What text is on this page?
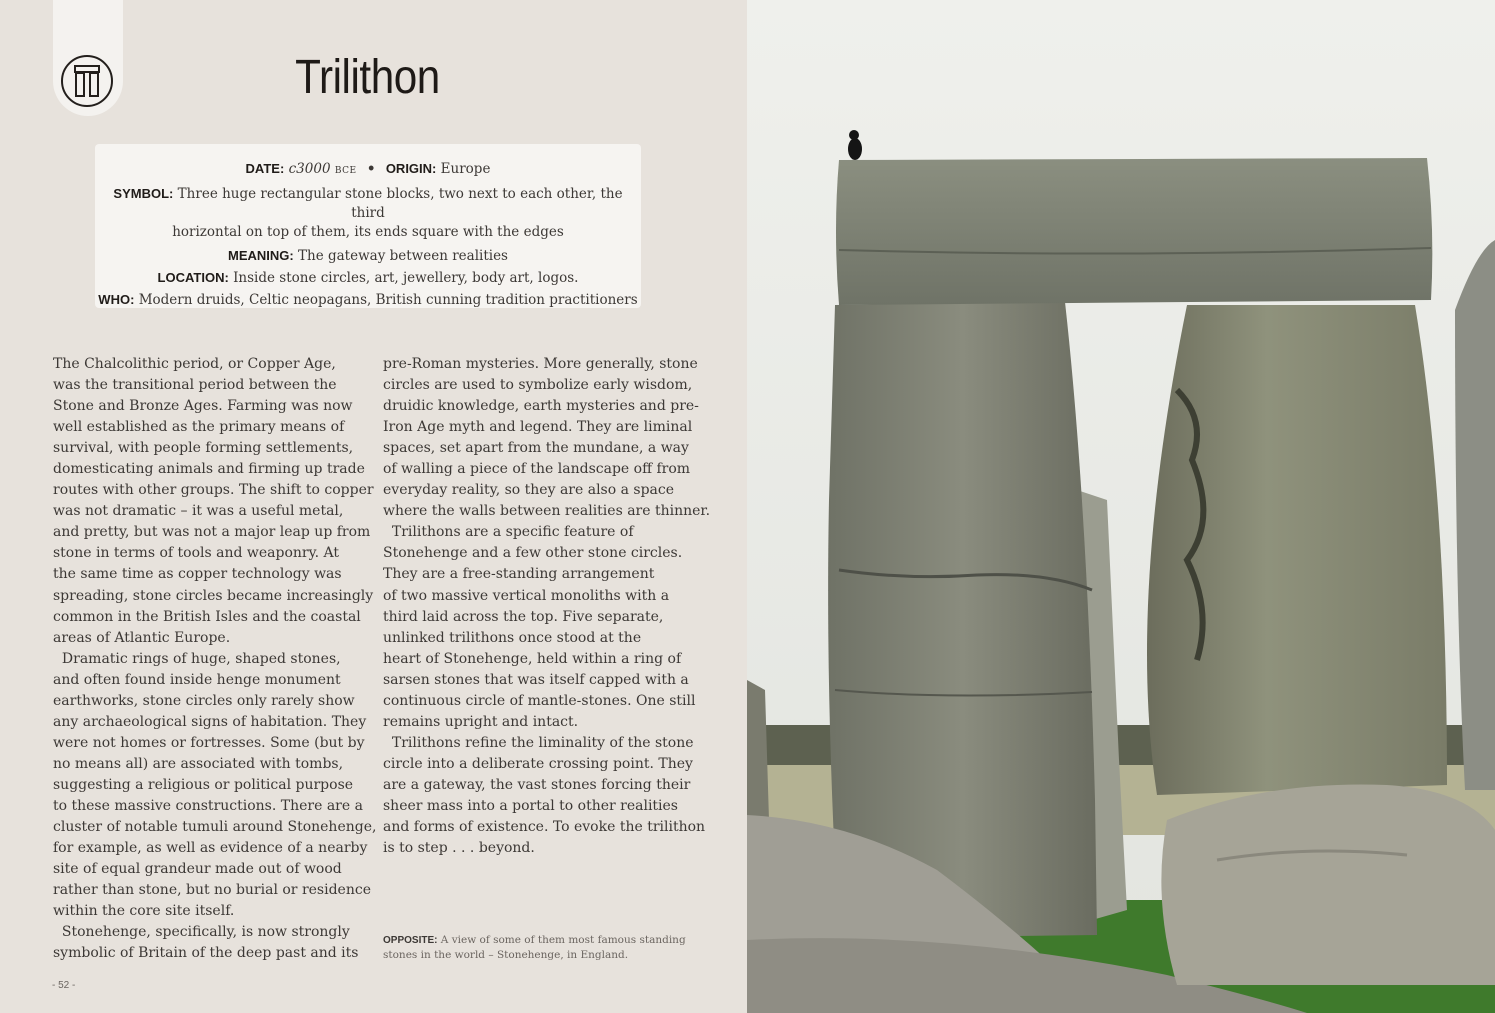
Trilithon
DATE: c3000 BCE • ORIGIN: Europe
SYMBOL: Three huge rectangular stone blocks, two next to each other, the third
horizontal on top of them, its ends square with the edges
MEANING: The gateway between realities
LOCATION: Inside stone circles, art, jewellery, body art, logos.
WHO: Modern druids, Celtic neopagans, British cunning tradition practitioners
The Chalcolithic period, or Copper Age,
was the transitional period between the
Stone and Bronze Ages. Farming was now
well established as the primary means of
survival, with people forming settlements,
domesticating animals and firming up trade
routes with other groups. The shift to copper
was not dramatic – it was a useful metal,
and pretty, but was not a major leap up from
stone in terms of tools and weaponry. At
the same time as copper technology was
spreading, stone circles became increasingly
common in the British Isles and the coastal
areas of Atlantic Europe.
Dramatic rings of huge, shaped stones,
and often found inside henge monument
earthworks, stone circles only rarely show
any archaeological signs of habitation. They
were not homes or fortresses. Some (but by
no means all) are associated with tombs,
suggesting a religious or political purpose
to these massive constructions. There are a
cluster of notable tumuli around Stonehenge,
for example, as well as evidence of a nearby
site of equal grandeur made out of wood
rather than stone, but no burial or residence
within the core site itself.
Stonehenge, specifically, is now strongly
symbolic of Britain of the deep past and its
pre-Roman mysteries. More generally, stone
circles are used to symbolize early wisdom,
druidic knowledge, earth mysteries and pre-
Iron Age myth and legend. They are liminal
spaces, set apart from the mundane, a way
of walling a piece of the landscape off from
everyday reality, so they are also a space
where the walls between realities are thinner.
Trilithons are a specific feature of
Stonehenge and a few other stone circles.
They are a free-standing arrangement
of two massive vertical monoliths with a
third laid across the top. Five separate,
unlinked trilithons once stood at the
heart of Stonehenge, held within a ring of
sarsen stones that was itself capped with a
continuous circle of mantle-stones. One still
remains upright and intact.
Trilithons refine the liminality of the stone
circle into a deliberate crossing point. They
are a gateway, the vast stones forcing their
sheer mass into a portal to other realities
and forms of existence. To evoke the trilithon
is to step . . . beyond.
OPPOSITE: A view of some of them most famous standing
stones in the world – Stonehenge, in England.
- 52 -
